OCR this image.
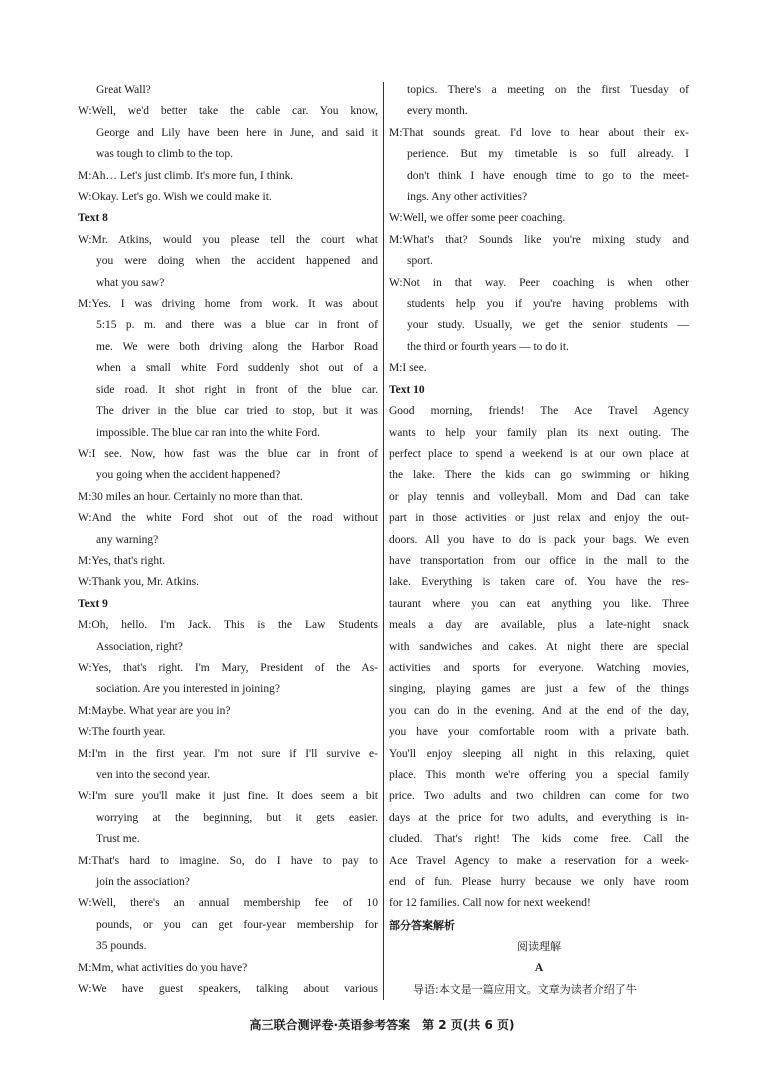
Great Wall?

W:Well, we'd better take the cable car. You know,

George and Lily have been here in June, and said it

was tough to climb to the top.

M:Ah… Let's just climb. It's more fun, I think.

W:Okay. Let's go. Wish we could make it.

Text 8

W:Mr. Atkins, would you please tell the court what

you were doing when the accident happened and

what you saw?

M:Yes. I was driving home from work. It was about

5:15 p. m. and there was a blue car in front of

me. We were both driving along the Harbor Road

when a small white Ford suddenly shot out of a

side road. It shot right in front of the blue car.

The driver in the blue car tried to stop, but it was

impossible. The blue car ran into the white Ford.

W:I see. Now, how fast was the blue car in front of

you going when the accident happened?

M:30 miles an hour. Certainly no more than that.

W:And the white Ford shot out of the road without

any warning?

M:Yes, that's right.

W:Thank you, Mr. Atkins.

Text 9

M:Oh, hello. I'm Jack. This is the Law Students

Association, right?

W:Yes, that's right. I'm Mary, President of the As-

sociation. Are you interested in joining?

M:Maybe. What year are you in?

W:The fourth year.

M:I'm in the first year. I'm not sure if I'll survive e-

ven into the second year.

W:I'm sure you'll make it just fine. It does seem a bit

worrying at the beginning, but it gets easier.

Trust me.

M:That's hard to imagine. So, do I have to pay to

join the association?

W:Well, there's an annual membership fee of 10

pounds, or you can get four-year membership for

35 pounds.

M:Mm, what activities do you have?

W:We have guest speakers, talking about various

topics. There's a meeting on the first Tuesday of

every month.

M:That sounds great. I'd love to hear about their ex-

perience. But my timetable is so full already. I

don't think I have enough time to go to the meet-

ings. Any other activities?

W:Well, we offer some peer coaching.

M:What's that? Sounds like you're mixing study and

sport.

W:Not in that way. Peer coaching is when other

students help you if you're having problems with

your study. Usually, we get the senior students —

the third or fourth years — to do it.

M:I see.

Text 10

Good morning, friends! The Ace Travel Agency

wants to help your family plan its next outing. The

perfect place to spend a weekend is at our own place at

the lake. There the kids can go swimming or hiking

or play tennis and volleyball. Mom and Dad can take

part in those activities or just relax and enjoy the out-

doors. All you have to do is pack your bags. We even

have transportation from our office in the mall to the

lake. Everything is taken care of. You have the res-

taurant where you can eat anything you like. Three

meals a day are available, plus a late-night snack

with sandwiches and cakes. At night there are special

activities and sports for everyone. Watching movies,

singing, playing games are just a few of the things

you can do in the evening. And at the end of the day,

you have your comfortable room with a private bath.

You'll enjoy sleeping all night in this relaxing, quiet

place. This month we're offering you a special family

price. Two adults and two children can come for two

days at the price for two adults, and everything is in-

cluded. That's right! The kids come free. Call the

Ace Travel Agency to make a reservation for a week-

end of fun. Please hurry because we only have room

for 12 families. Call now for next weekend!

部分答案解析

阅读理解

A

导语:本文是一篇应用文。文章为读者介绍了牛

高三联合测评卷·英语参考答案　第 2 页(共 6 页)
